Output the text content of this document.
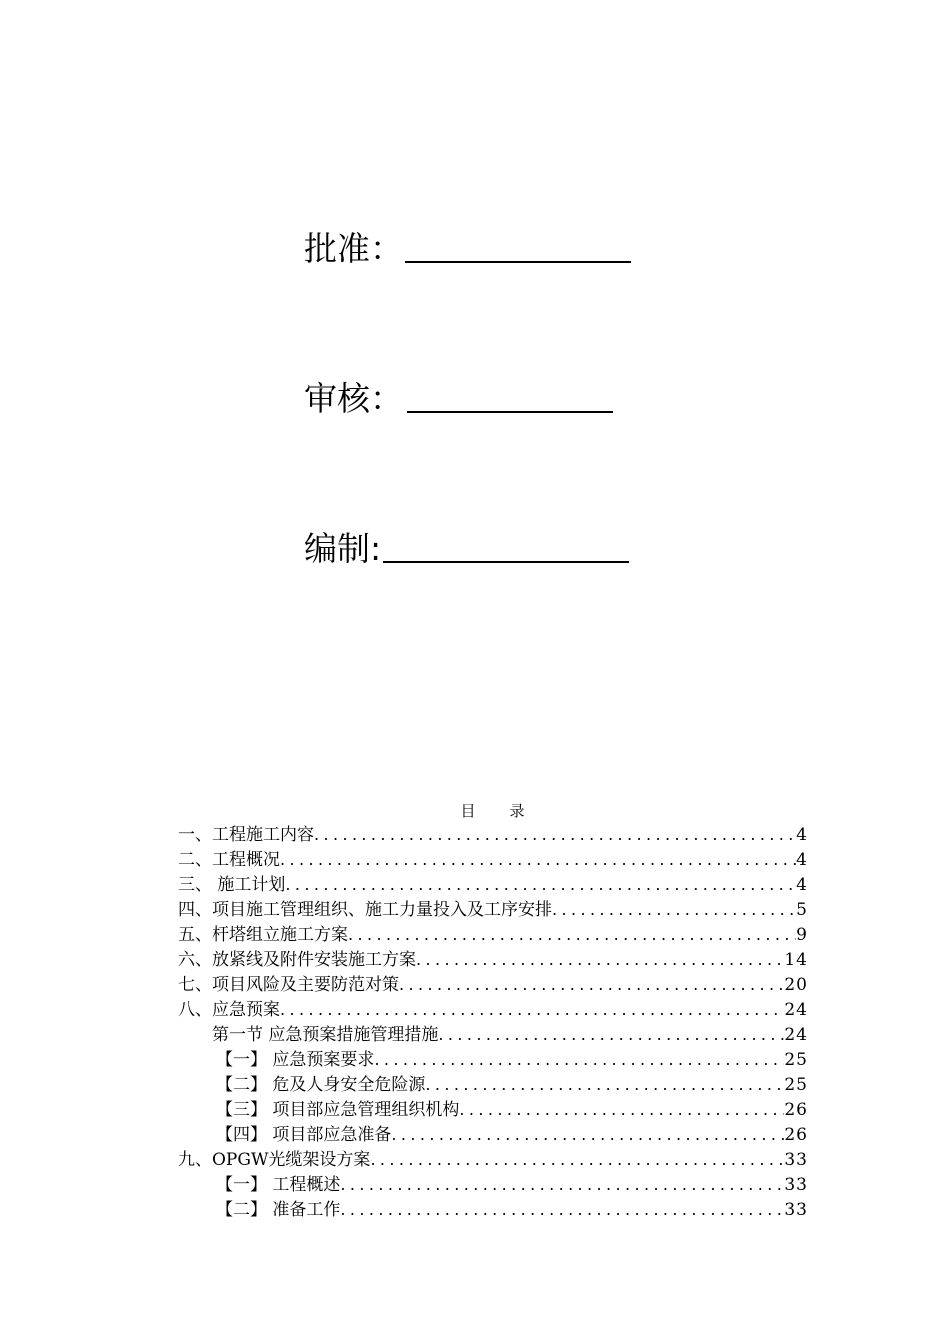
批准：
审核：
编制:
目 录
一、工程施工内容 .....	4
二、工程概况 .....	4
三、 施工计划 .....	4
四、项目施工管理组织、施工力量投入及工序安排 .....	5
五、杆塔组立施工方案 .....	9
六、放紧线及附件安装施工方案 .....	14
七、项目风险及主要防范对策 .....	20
八、应急预案 .....	24
第一节 应急预案措施管理措施 .....	24
【一】 应急预案要求 .....	25
【二】 危及人身安全危险源 .....	25
【三】 项目部应急管理组织机构 .....	26
【四】 项目部应急准备 .....	26
九、OPGW光缆架设方案 .....	33
【一】 工程概述 .....	33
【二】 准备工作 .....	33
